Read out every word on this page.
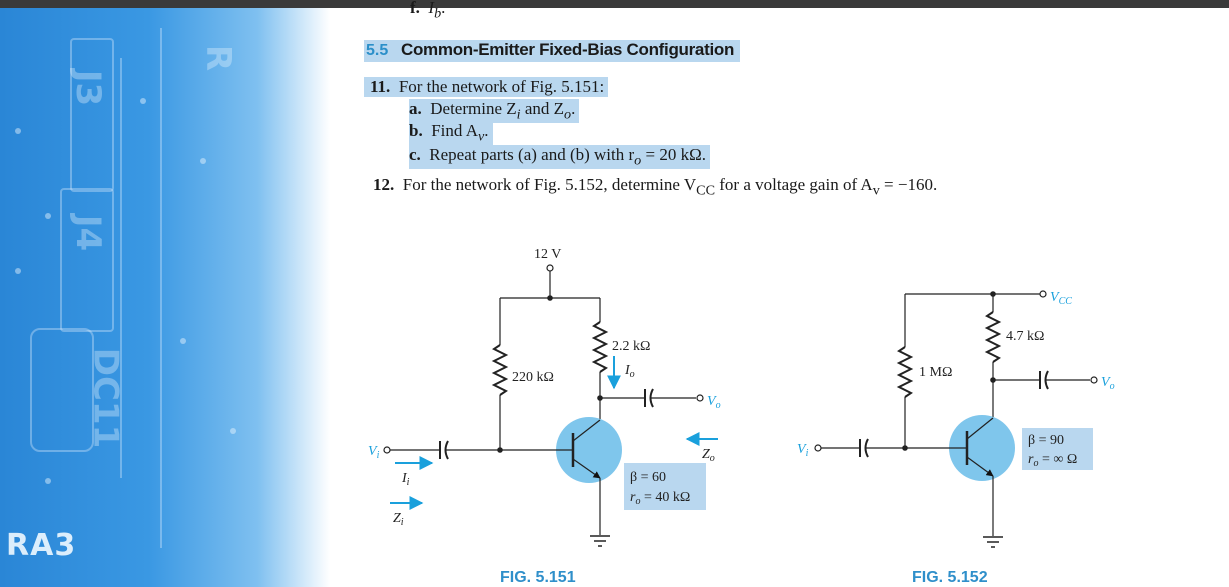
J3
J4
DC11
R
RA3
f. $I_b$.
5.5 Common-Emitter Fixed-Bias Configuration
11. For the network of Fig. 5.151:
a. Determine $Z_i$ and $Z_o$.
b. Find $A_v$.
c. Repeat parts (a) and (b) with $r_o = 20$ kΩ.
12. For the network of Fig. 5.152, determine $V_{CC}$ for a voltage gain of $A_v = -160$.
12 V
220 kΩ
2.2 kΩ
$I_o$
$V_o$
$V_i$
$I_i$
$Z_i$
$Z_o$
β = 60
$r_o = 40$ kΩ
$V_{CC}$
1 MΩ
4.7 kΩ
$V_o$
$V_i$
β = 90
$r_o$ = ∞ Ω
FIG. 5.151	FIG. 5.152
